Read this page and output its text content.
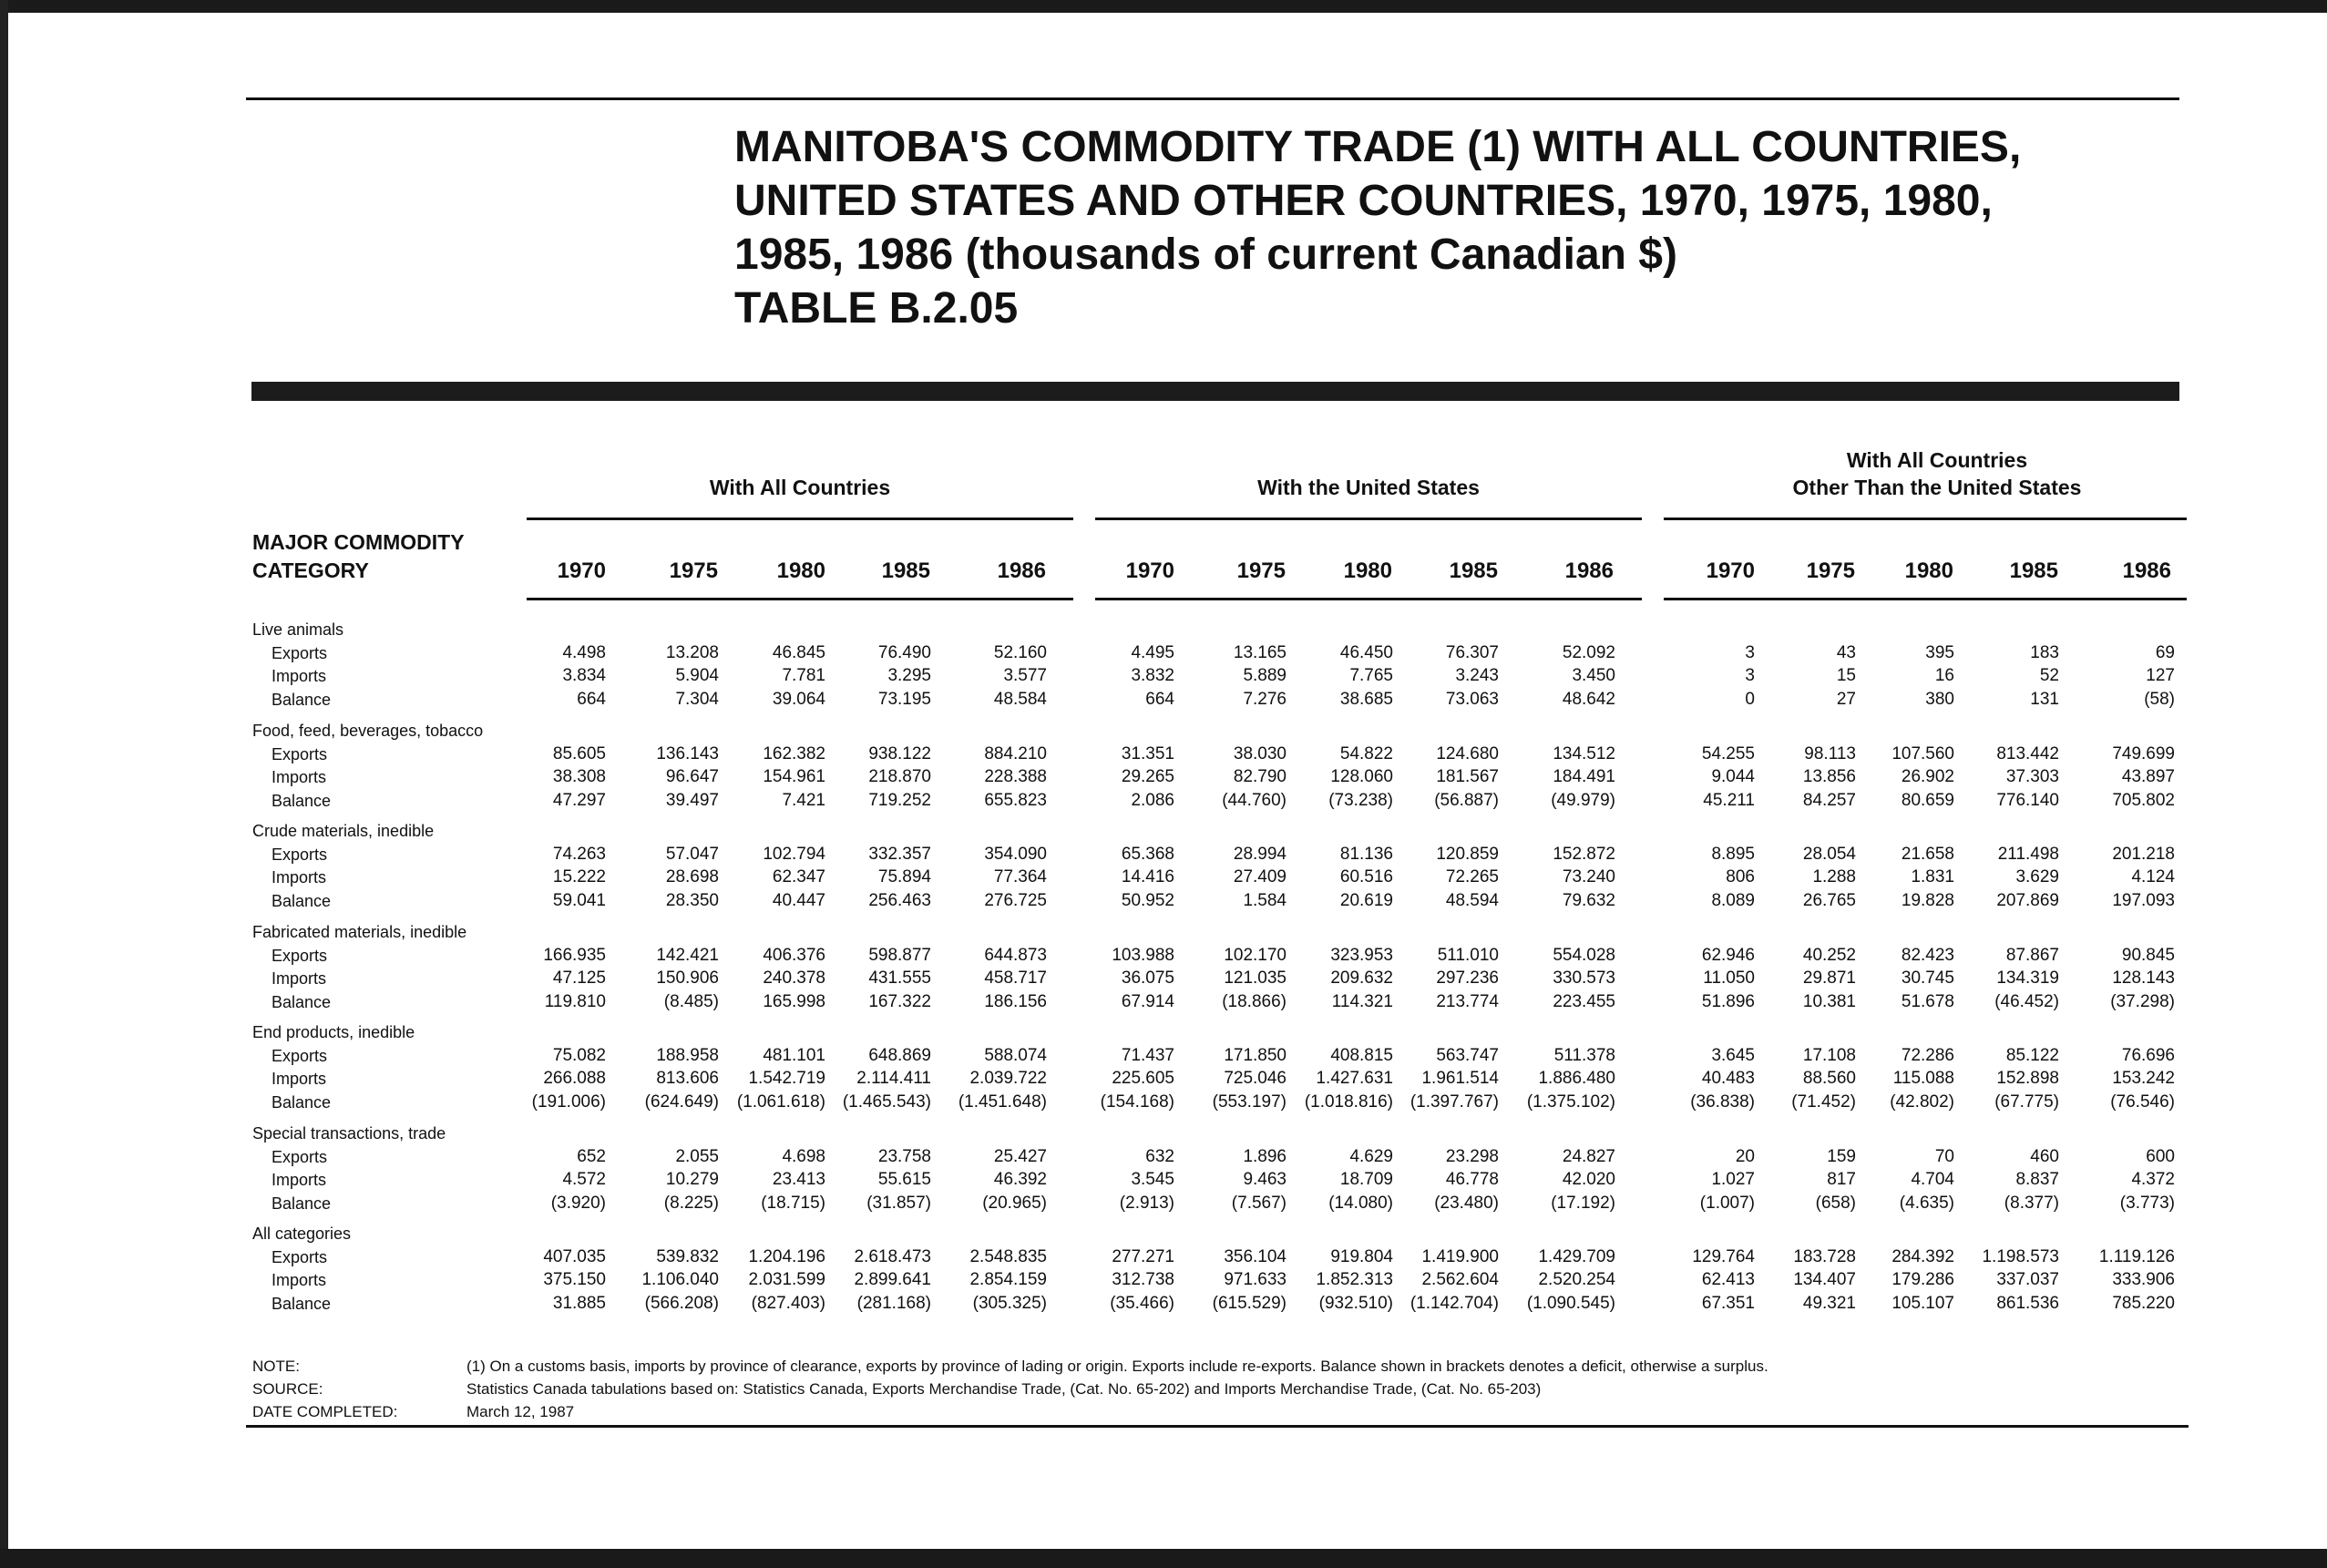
MANITOBA'S COMMODITY TRADE (1) WITH ALL COUNTRIES,
UNITED STATES AND OTHER COUNTRIES, 1970, 1975, 1980,
1985, 1986 (thousands of current Canadian $)
TABLE B.2.05
With All Countries	With the United States
With All Countries
Other Than the United States
MAJOR COMMODITY
CATEGORY	1970	1975	1980	1985	1986	1970	1975	1980	1985	1986	1970	1975	1980	1985	1986
Live animals
Exports	4.498	13.208	46.845	76.490	52.160	4.495	13.165	46.450	76.307	52.092	3	43	395	183	69
Imports	3.834	5.904	7.781	3.295	3.577	3.832	5.889	7.765	3.243	3.450	3	15	16	52	127
Balance	664	7.304	39.064	73.195	48.584	664	7.276	38.685	73.063	48.642	0	27	380	131	(58)
Food, feed, beverages, tobacco
Exports	85.605	136.143	162.382	938.122	884.210	31.351	38.030	54.822	124.680	134.512	54.255	98.113	107.560	813.442	749.699
Imports	38.308	96.647	154.961	218.870	228.388	29.265	82.790	128.060	181.567	184.491	9.044	13.856	26.902	37.303	43.897
Balance	47.297	39.497	7.421	719.252	655.823	2.086	(44.760)	(73.238)	(56.887)	(49.979)	45.211	84.257	80.659	776.140	705.802
Crude materials, inedible
Exports	74.263	57.047	102.794	332.357	354.090	65.368	28.994	81.136	120.859	152.872	8.895	28.054	21.658	211.498	201.218
Imports	15.222	28.698	62.347	75.894	77.364	14.416	27.409	60.516	72.265	73.240	806	1.288	1.831	3.629	4.124
Balance	59.041	28.350	40.447	256.463	276.725	50.952	1.584	20.619	48.594	79.632	8.089	26.765	19.828	207.869	197.093
Fabricated materials, inedible
Exports	166.935	142.421	406.376	598.877	644.873	103.988	102.170	323.953	511.010	554.028	62.946	40.252	82.423	87.867	90.845
Imports	47.125	150.906	240.378	431.555	458.717	36.075	121.035	209.632	297.236	330.573	11.050	29.871	30.745	134.319	128.143
Balance	119.810	(8.485)	165.998	167.322	186.156	67.914	(18.866)	114.321	213.774	223.455	51.896	10.381	51.678	(46.452)	(37.298)
End products, inedible
Exports	75.082	188.958	481.101	648.869	588.074	71.437	171.850	408.815	563.747	511.378	3.645	17.108	72.286	85.122	76.696
Imports	266.088	813.606	1.542.719	2.114.411	2.039.722	225.605	725.046	1.427.631	1.961.514	1.886.480	40.483	88.560	115.088	152.898	153.242
Balance	(191.006)	(624.649)	(1.061.618) (1.465.543)	(1.451.648)	(154.168)	(553.197)	(1.018.816) (1.397.767)	(1.375.102)	(36.838)	(71.452)	(42.802)	(67.775)	(76.546)
Special transactions, trade
Exports	652	2.055	4.698	23.758	25.427	632	1.896	4.629	23.298	24.827	20	159	70	460	600
Imports	4.572	10.279	23.413	55.615	46.392	3.545	9.463	18.709	46.778	42.020	1.027	817	4.704	8.837	4.372
Balance	(3.920)	(8.225)	(18.715)	(31.857)	(20.965)	(2.913)	(7.567)	(14.080)	(23.480)	(17.192)	(1.007)	(658)	(4.635)	(8.377)	(3.773)
All categories
Exports	407.035	539.832	1.204.196	2.618.473	2.548.835	277.271	356.104	919.804	1.419.900	1.429.709	129.764	183.728	284.392	1.198.573	1.119.126
Imports	375.150	1.106.040	2.031.599	2.899.641	2.854.159	312.738	971.633	1.852.313	2.562.604	2.520.254	62.413	134.407	179.286	337.037	333.906
Balance	31.885	(566.208)	(827.403)	(281.168)	(305.325)	(35.466)	(615.529)	(932.510) (1.142.704)	(1.090.545)	67.351	49.321	105.107	861.536	785.220
NOTE:	(1) On a customs basis, imports by province of clearance, exports by province of lading or origin. Exports include re-exports. Balance shown in brackets denotes a deficit, otherwise a surplus.
SOURCE:	Statistics Canada tabulations based on: Statistics Canada, Exports Merchandise Trade, (Cat. No. 65-202) and Imports Merchandise Trade, (Cat. No. 65-203)
DATE COMPLETED:	March 12, 1987
